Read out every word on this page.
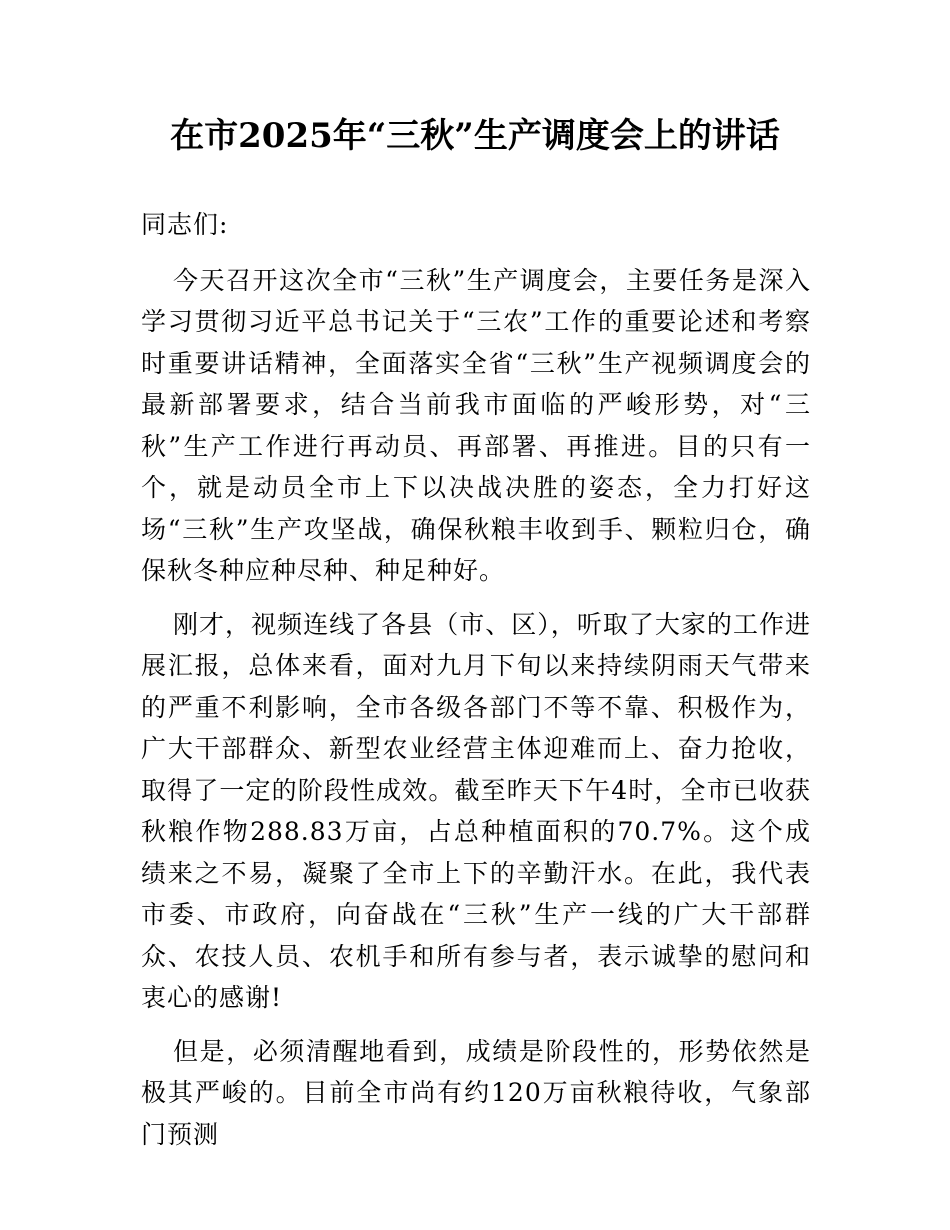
在市2025年“三秋”生产调度会上的讲话

同志们:

今天召开这次全市“三秋”生产调度会，主要任务是深入学习贯彻习近平总书记关于“三农”工作的重要论述和考察时重要讲话精神，全面落实全省“三秋”生产视频调度会的最新部署要求，结合当前我市面临的严峻形势，对“三秋”生产工作进行再动员、再部署、再推进。目的只有一个，就是动员全市上下以决战决胜的姿态，全力打好这场“三秋”生产攻坚战，确保秋粮丰收到手、颗粒归仓，确保秋冬种应种尽种、种足种好。

刚才，视频连线了各县（市、区），听取了大家的工作进展汇报，总体来看，面对九月下旬以来持续阴雨天气带来的严重不利影响，全市各级各部门不等不靠、积极作为，广大干部群众、新型农业经营主体迎难而上、奋力抢收，取得了一定的阶段性成效。截至昨天下午4时，全市已收获秋粮作物288.83万亩，占总种植面积的70.7%。这个成绩来之不易，凝聚了全市上下的辛勤汗水。在此，我代表市委、市政府，向奋战在“三秋”生产一线的广大干部群众、农技人员、农机手和所有参与者，表示诚挚的慰问和衷心的感谢!

但是，必须清醒地看到，成绩是阶段性的，形势依然是极其严峻的。目前全市尚有约120万亩秋粮待收，气象部门预测
